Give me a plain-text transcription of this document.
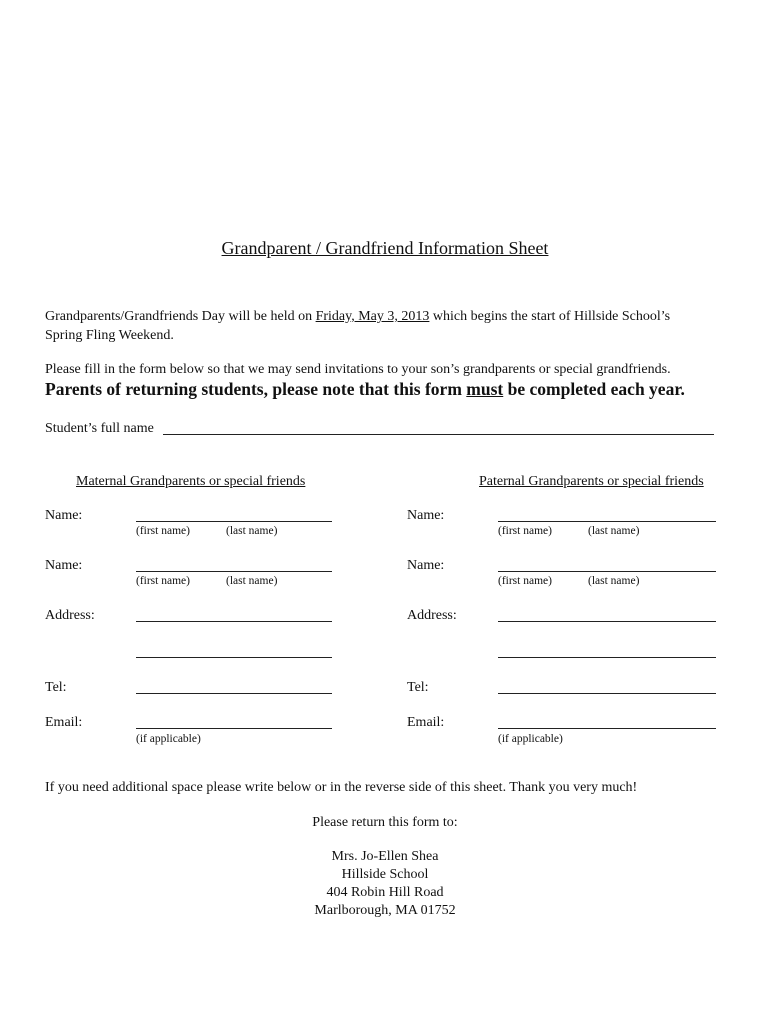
Grandparent / Grandfriend Information Sheet
Grandparents/Grandfriends Day will be held on Friday, May 3, 2013 which begins the start of Hillside School’s
Spring Fling Weekend.
Please fill in the form below so that we may send invitations to your son’s grandparents or special grandfriends.
Parents of returning students, please note that this form must be completed each year.
Student’s full name
Maternal Grandparents or special friends
Name:
(first name)	(last name)
Name:
(first name)	(last name)
Address:
Tel:
Email:
(if applicable)
Paternal Grandparents or special friends
Name:
(first name)	(last name)
Name:
(first name)	(last name)
Address:
Tel:
Email:
(if applicable)
If you need additional space please write below or in the reverse side of this sheet. Thank you very much!
Please return this form to:
Mrs. Jo-Ellen Shea
Hillside School
404 Robin Hill Road
Marlborough, MA 01752
